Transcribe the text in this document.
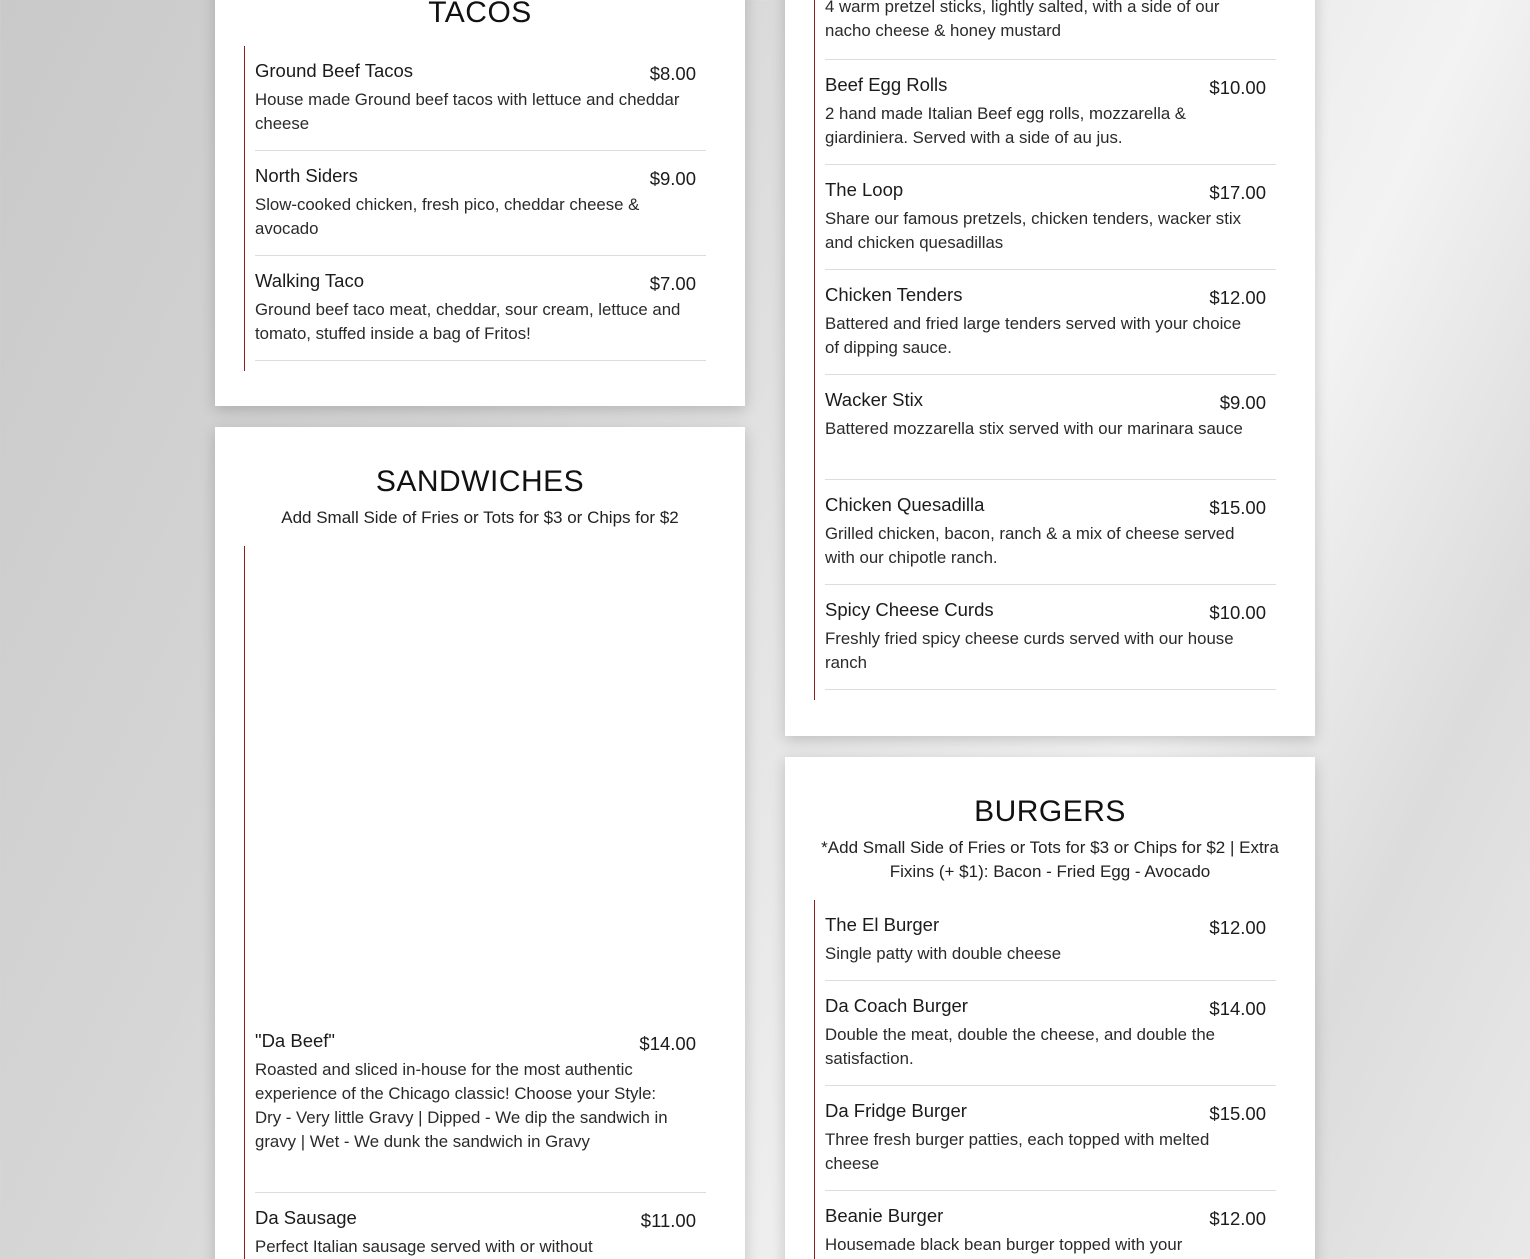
TACOS
Ground Beef Tacos	$8.00
House made Ground beef tacos with lettuce and cheddar cheese
North Siders	$9.00
Slow-cooked chicken, fresh pico, cheddar cheese & avocado
Walking Taco	$7.00
Ground beef taco meat, cheddar, sour cream, lettuce and tomato, stuffed inside a bag of Fritos!
SANDWICHES
Add Small Side of Fries or Tots for $3 or Chips for $2
"Da Beef"	$14.00
Roasted and sliced in-house for the most authentic experience of the Chicago classic! Choose your Style: Dry - Very little Gravy | Dipped - We dip the sandwich in gravy | Wet - We dunk the sandwich in Gravy
Da Sausage	$11.00
Perfect Italian sausage served with or without
4 warm pretzel sticks, lightly salted, with a side of our nacho cheese & honey mustard
Beef Egg Rolls	$10.00
2 hand made Italian Beef egg rolls, mozzarella & giardiniera. Served with a side of au jus.
The Loop	$17.00
Share our famous pretzels, chicken tenders, wacker stix and chicken quesadillas
Chicken Tenders	$12.00
Battered and fried large tenders served with your choice of dipping sauce.
Wacker Stix	$9.00
Battered mozzarella stix served with our marinara sauce
Chicken Quesadilla	$15.00
Grilled chicken, bacon, ranch & a mix of cheese served with our chipotle ranch.
Spicy Cheese Curds	$10.00
Freshly fried spicy cheese curds served with our house ranch
BURGERS
*Add Small Side of Fries or Tots for $3 or Chips for $2 | Extra Fixins (+ $1): Bacon - Fried Egg - Avocado
The El Burger	$12.00
Single patty with double cheese
Da Coach Burger	$14.00
Double the meat, double the cheese, and double the satisfaction.
Da Fridge Burger	$15.00
Three fresh burger patties, each topped with melted cheese
Beanie Burger	$12.00
Housemade black bean burger topped with your
